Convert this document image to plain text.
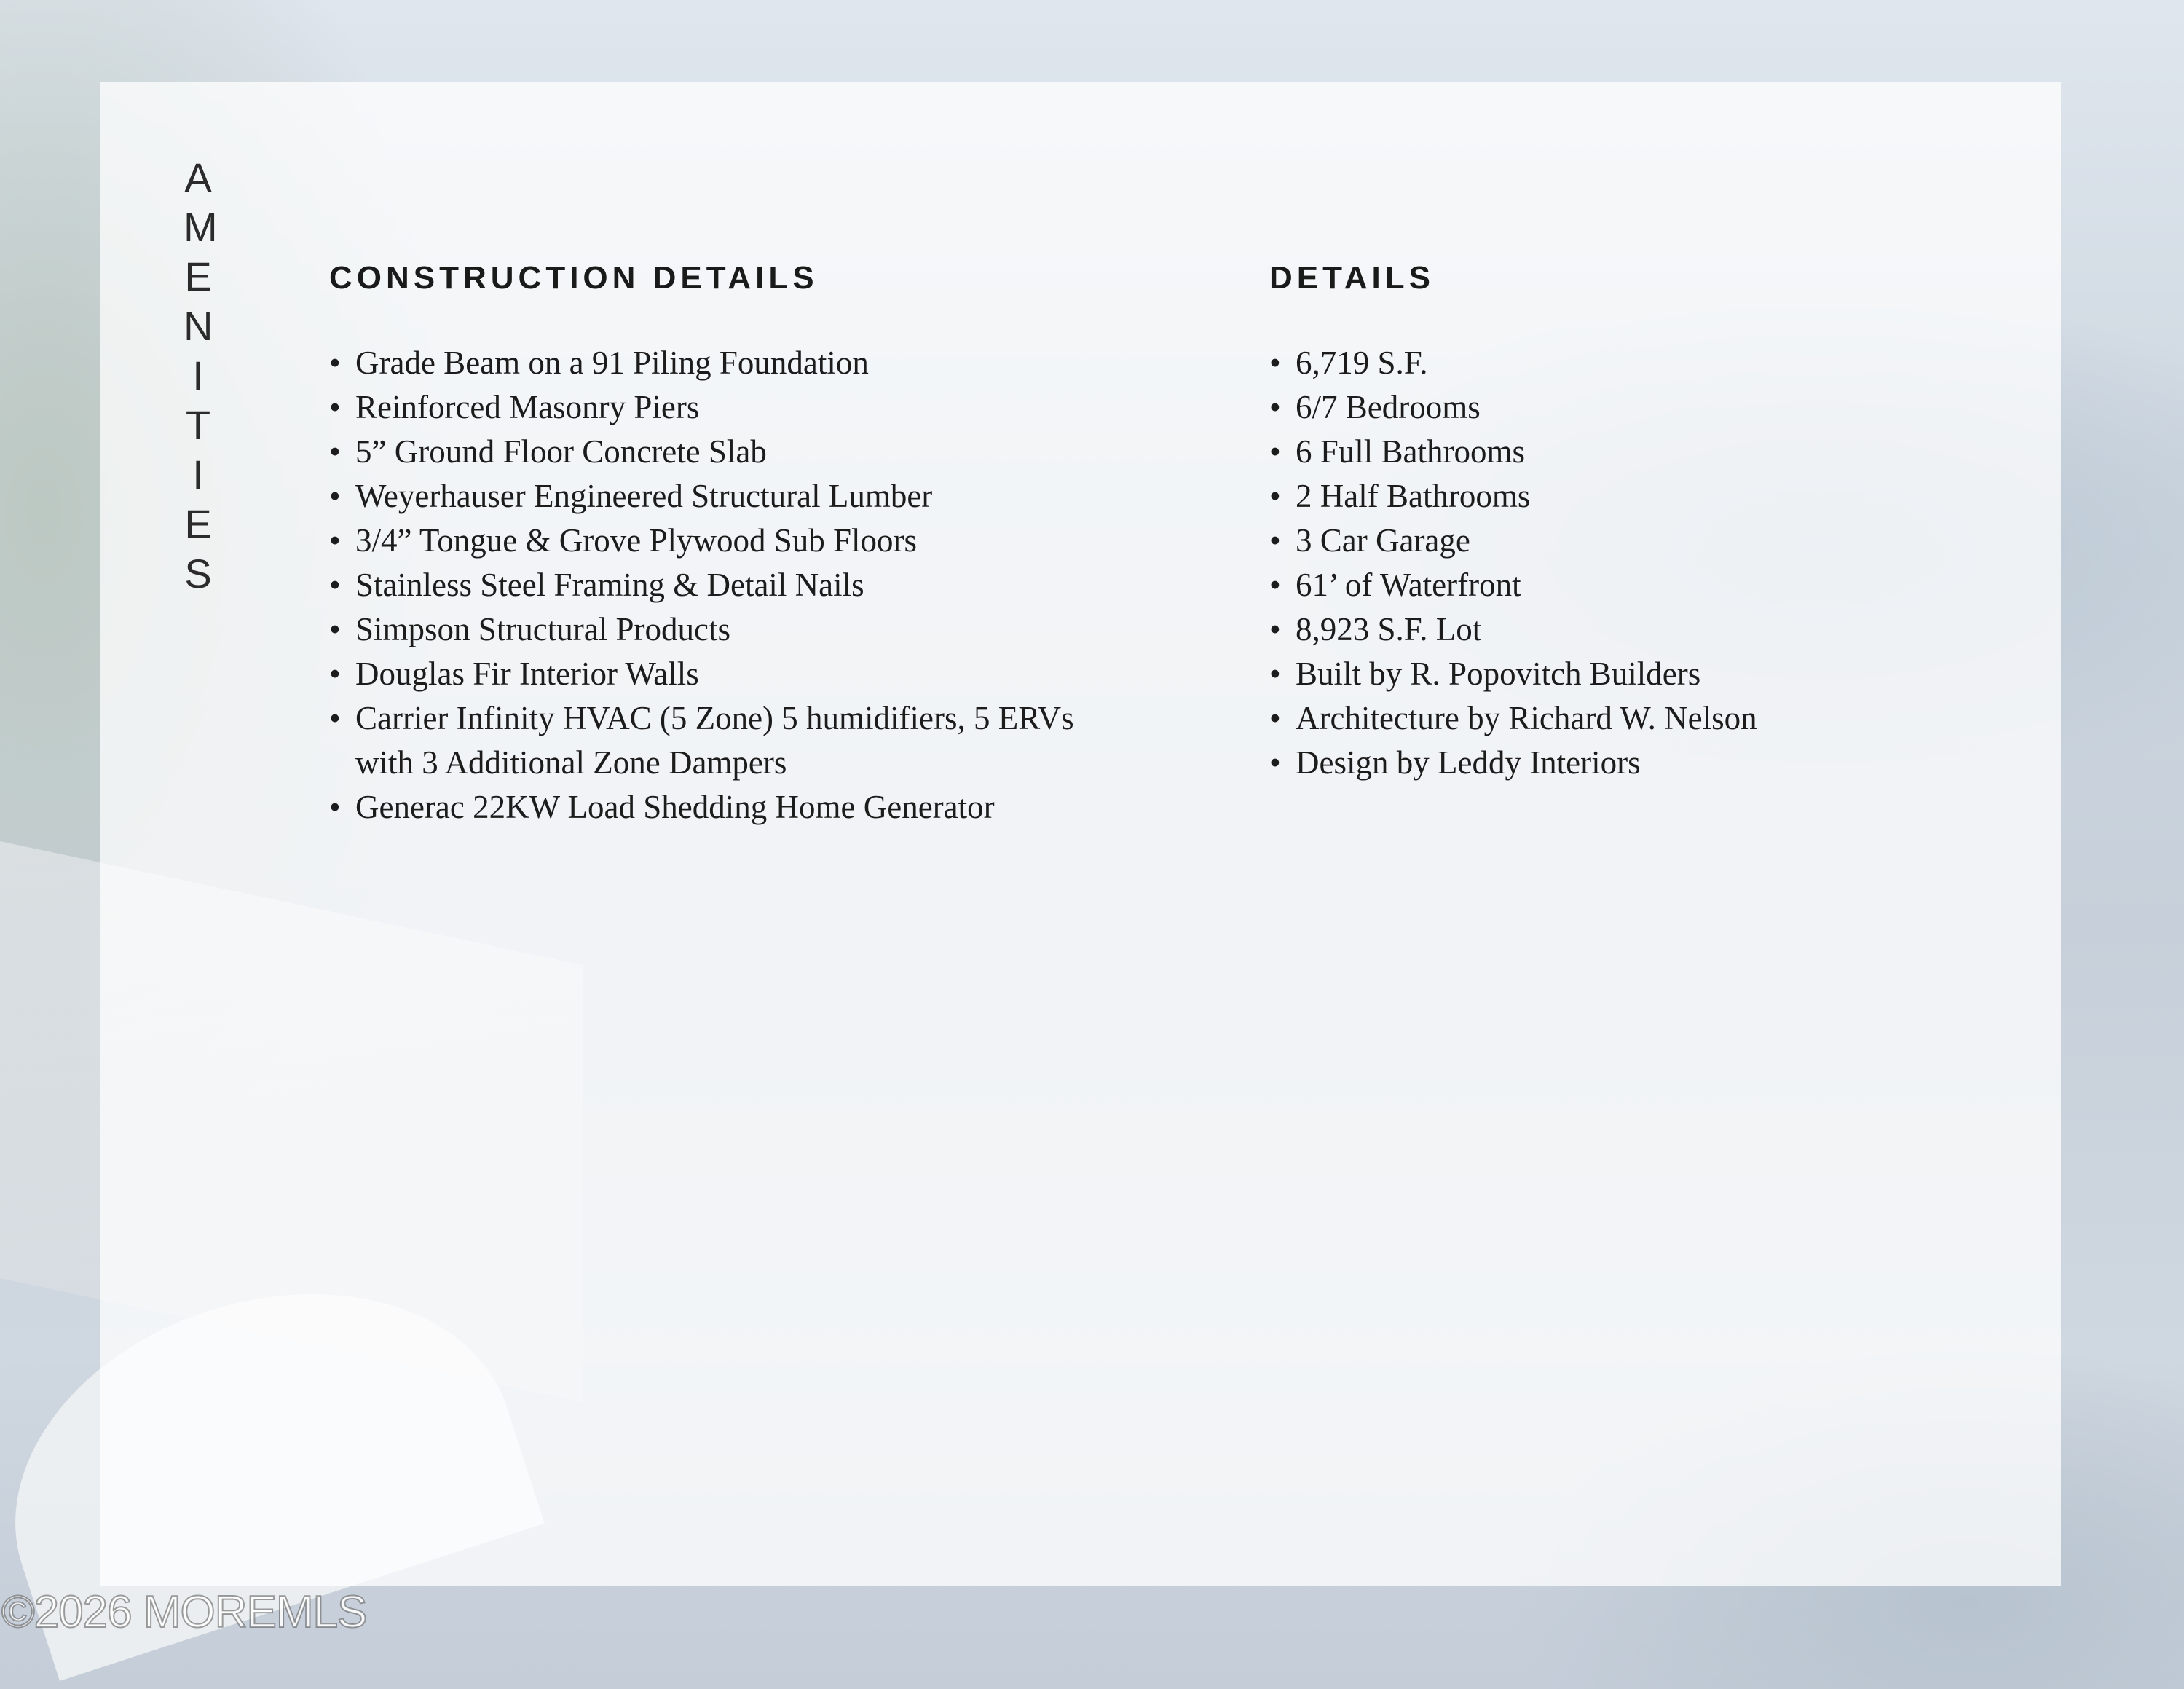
A
M
E
N
I
T
I
E
S
CONSTRUCTION DETAILS
• Grade Beam on a 91 Piling Foundation
• Reinforced Masonry Piers
• 5” Ground Floor Concrete Slab
• Weyerhauser Engineered Structural Lumber
• 3/4” Tongue & Grove Plywood Sub Floors
• Stainless Steel Framing & Detail Nails
• Simpson Structural Products
• Douglas Fir Interior Walls
• Carrier Infinity HVAC (5 Zone) 5 humidifiers, 5 ERVs with 3 Additional Zone Dampers
• Generac 22KW Load Shedding Home Generator
DETAILS
• 6,719 S.F.
• 6/7 Bedrooms
• 6 Full Bathrooms
• 2 Half Bathrooms
• 3 Car Garage
• 61’ of Waterfront
• 8,923 S.F. Lot
• Built by R. Popovitch Builders
• Architecture by Richard W. Nelson
• Design by Leddy Interiors
©2026 MOREMLS
